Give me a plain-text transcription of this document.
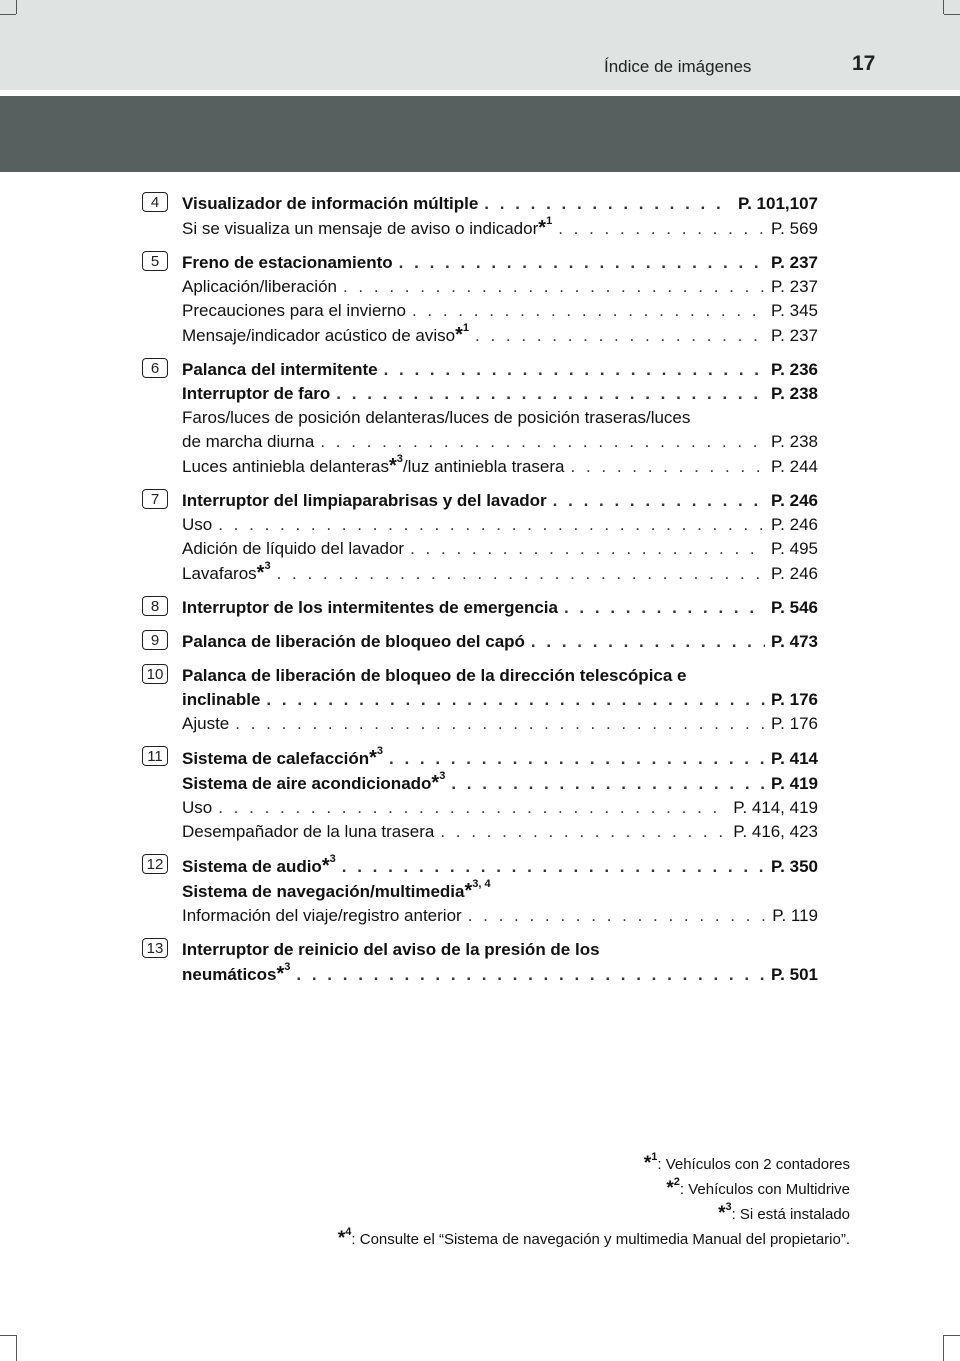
Índice de imágenes	17
4	Visualizador de información múltiple . . .	P. 101,107
Si se visualiza un mensaje de aviso o indicador*$^1$ . . .	P. 569
5	Freno de estacionamiento . . .	P. 237
Aplicación/liberación . . .	P. 237
Precauciones para el invierno . . .	P. 345
Mensaje/indicador acústico de aviso*$^1$ . . .	P. 237
6	Palanca del intermitente . . .	P. 236
Interruptor de faro . . .	P. 238
Faros/luces de posición delanteras/luces de posición traseras/luces
de marcha diurna . . .	P. 238
Luces antiniebla delanteras*$^3$/luz antiniebla trasera . . .	P. 244
7	Interruptor del limpiaparabrisas y del lavador . . .	P. 246
Uso . . .	P. 246
Adición de líquido del lavador . . .	P. 495
Lavafaros*$^3$ . . .	P. 246
8	Interruptor de los intermitentes de emergencia . . .	P. 546
9	Palanca de liberación de bloqueo del capó . . .	P. 473
10 Palanca de liberación de bloqueo de la dirección telescópica e
inclinable . . .	P. 176
Ajuste . . .	P. 176
11	Sistema de calefacción*$^3$ . . .	P. 414
Sistema de aire acondicionado*$^3$ . . .	P. 419
Uso . . .	P. 414, 419
Desempañador de la luna trasera . . .	P. 416, 423
12 Sistema de audio*$^3$ . . .	P. 350
Sistema de navegación/multimedia*$^{3, 4}$
Información del viaje/registro anterior . . .	P. 119
13 Interruptor de reinicio del aviso de la presión de los
neumáticos*$^3$ . . .	P. 501
*$^1$: Vehículos con 2 contadores
*$^2$: Vehículos con Multidrive
*$^3$: Si está instalado
*$^4$: Consulte el “Sistema de navegación y multimedia Manual del propietario”.
